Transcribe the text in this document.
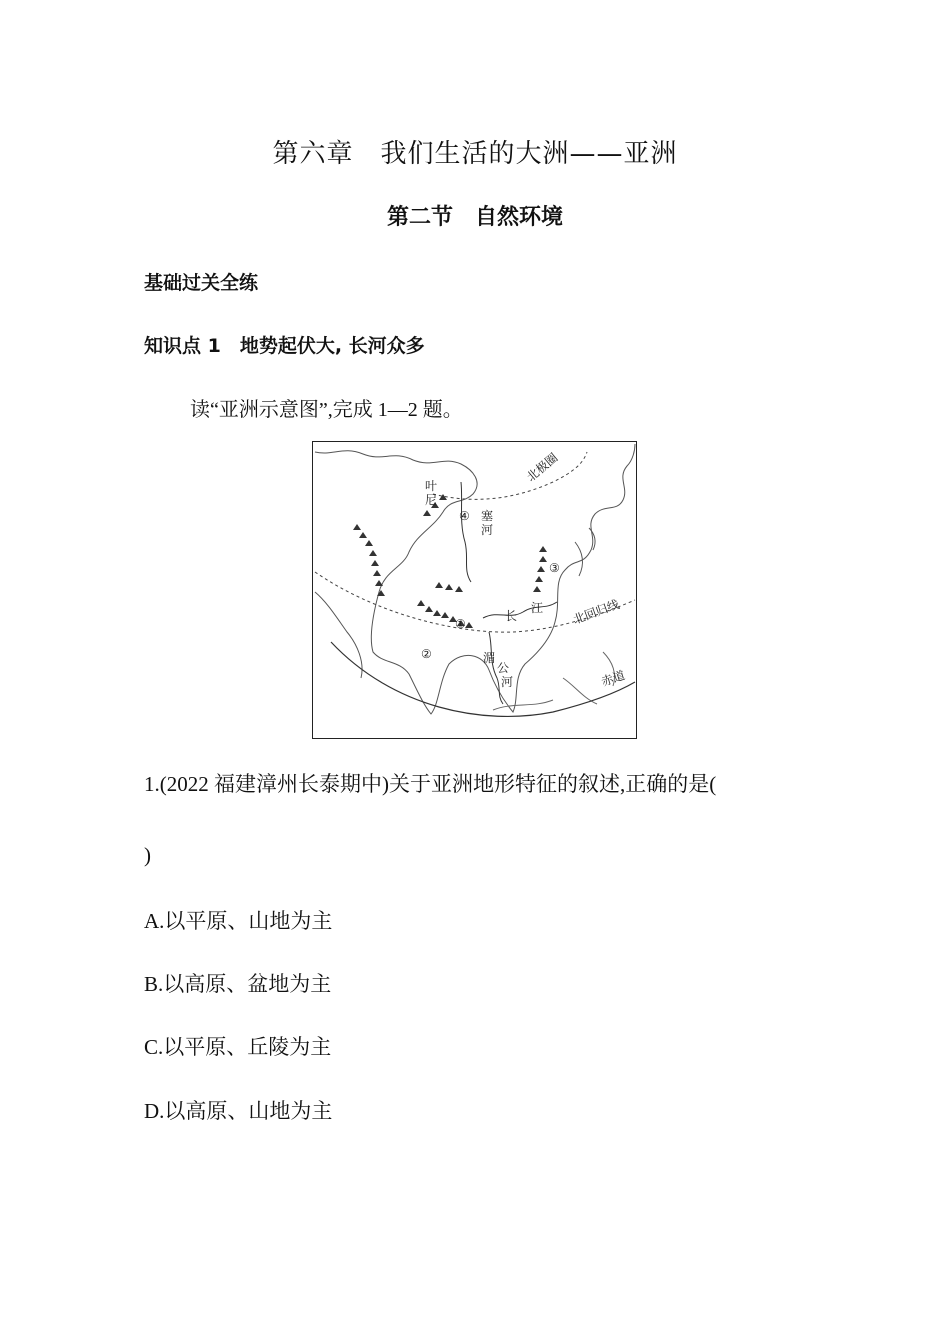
第六章　我们生活的大洲——亚洲
第二节　自然环境
基础过关全练
知识点 1　地势起伏大, 长河众多
读“亚洲示意图”,完成 1—2 题。
北极圈
北回归线
赤道
叶
尼
塞
河
长
江
湄
公
河
①
②
③
④
1.(2022 福建漳州长泰期中)关于亚洲地形特征的叙述,正确的是(
)
A.以平原、山地为主
B.以高原、盆地为主
C.以平原、丘陵为主
D.以高原、山地为主
